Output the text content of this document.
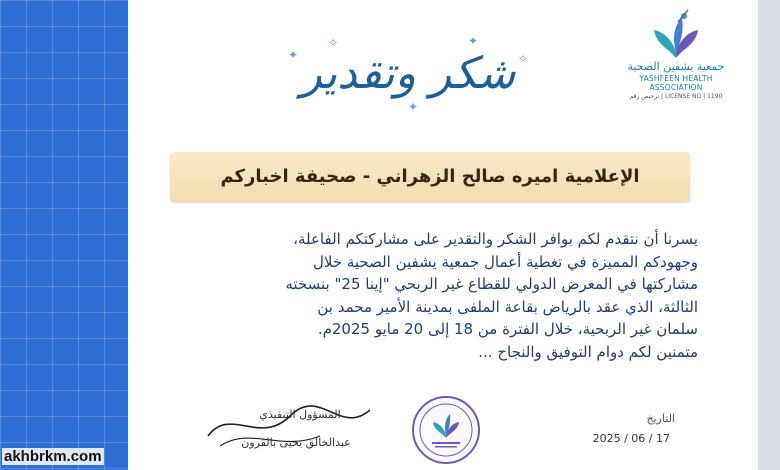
جمعية يشفين الصحية
YASHFEEN HEALTH ASSOCIATION
LICENSE NO | 1190 | ترخيص رقم
✦
✧	✦
✧
✦
شكر وتقدير
الإعلامية اميره صالح الزهراني - صحيفة اخباركم
يسرنا أن نتقدم لكم بوافر الشكر والتقدير على مشاركتكم الفاعلة،
وجهودكم المميزة في تغطية أعمال جمعية يشفين الصحية خلال
مشاركتها في المعرض الدولي للقطاع غير الربحي "إينا 25" بنسخته
الثالثة، الذي عقد بالرياض بقاعة الملفى بمدينة الأمير محمد بن
سلمان غير الربحية، خلال الفترة من 18 إلى 20 مايو 2025م.
متمنين لكم دوام التوفيق والنجاح ...
المسؤول التنفيذي
عبدالخالق يحيى بالقرون
التاريخ
2025 / 06 / 17
akhbrkm.com
